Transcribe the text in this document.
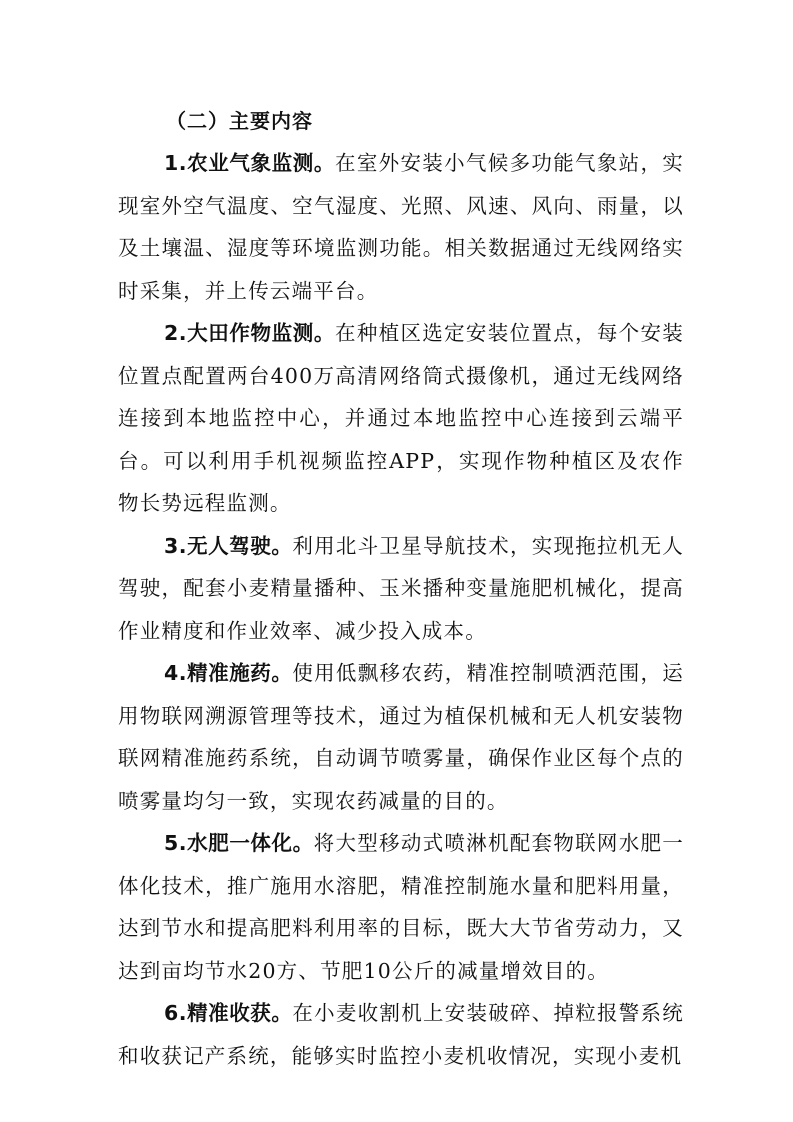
（二）主要内容

1.农业气象监测。在室外安装小气候多功能气象站，实现室外空气温度、空气湿度、光照、风速、风向、雨量，以及土壤温、湿度等环境监测功能。相关数据通过无线网络实时采集，并上传云端平台。

2.大田作物监测。在种植区选定安装位置点，每个安装位置点配置两台400万高清网络筒式摄像机，通过无线网络连接到本地监控中心，并通过本地监控中心连接到云端平台。可以利用手机视频监控APP，实现作物种植区及农作物长势远程监测。

3.无人驾驶。利用北斗卫星导航技术，实现拖拉机无人驾驶，配套小麦精量播种、玉米播种变量施肥机械化，提高作业精度和作业效率、减少投入成本。

4.精准施药。使用低飘移农药，精准控制喷洒范围，运用物联网溯源管理等技术，通过为植保机械和无人机安装物联网精准施药系统，自动调节喷雾量，确保作业区每个点的喷雾量均匀一致，实现农药减量的目的。

5.水肥一体化。将大型移动式喷淋机配套物联网水肥一体化技术，推广施用水溶肥，精准控制施水量和肥料用量，达到节水和提高肥料利用率的目标，既大大节省劳动力，又达到亩均节水20方、节肥10公斤的减量增效目的。

6.精准收获。在小麦收割机上安装破碎、掉粒报警系统和收获记产系统，能够实时监控小麦机收情况，实现小麦机
